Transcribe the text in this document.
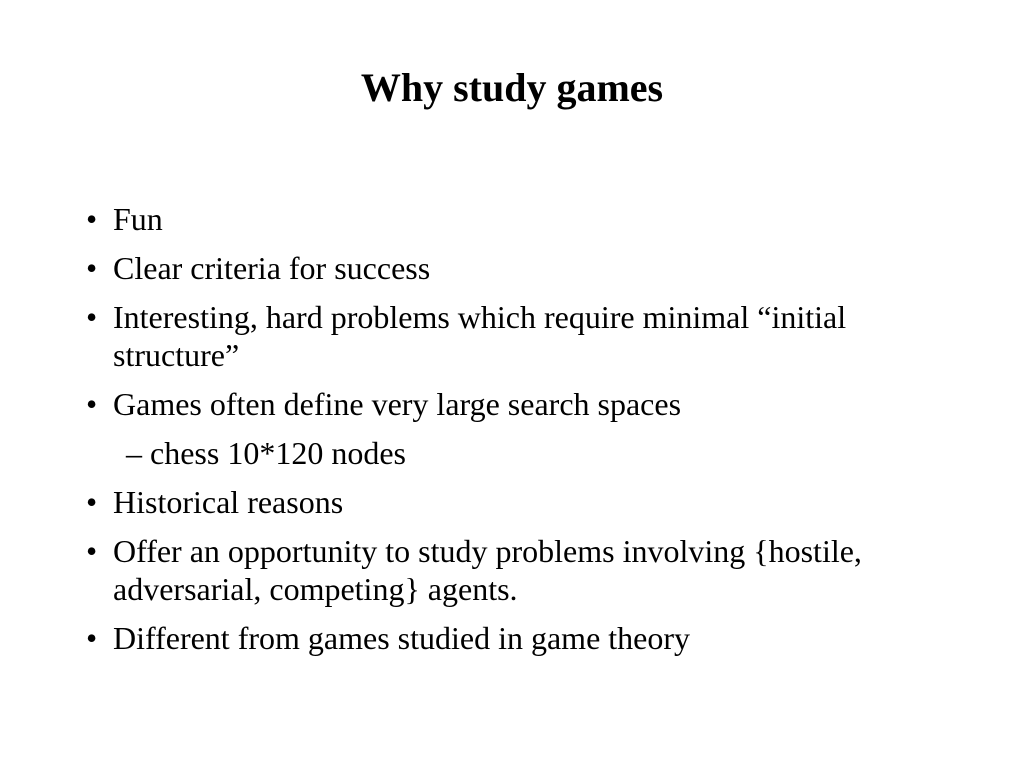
Why study games
• Fun
• Clear criteria for success
• Interesting, hard problems which require minimal “initial structure”
• Games often define very large search spaces
– chess 10*120 nodes
• Historical reasons
• Offer an opportunity to study problems involving {hostile, adversarial, competing} agents.
• Different from games studied in game theory
